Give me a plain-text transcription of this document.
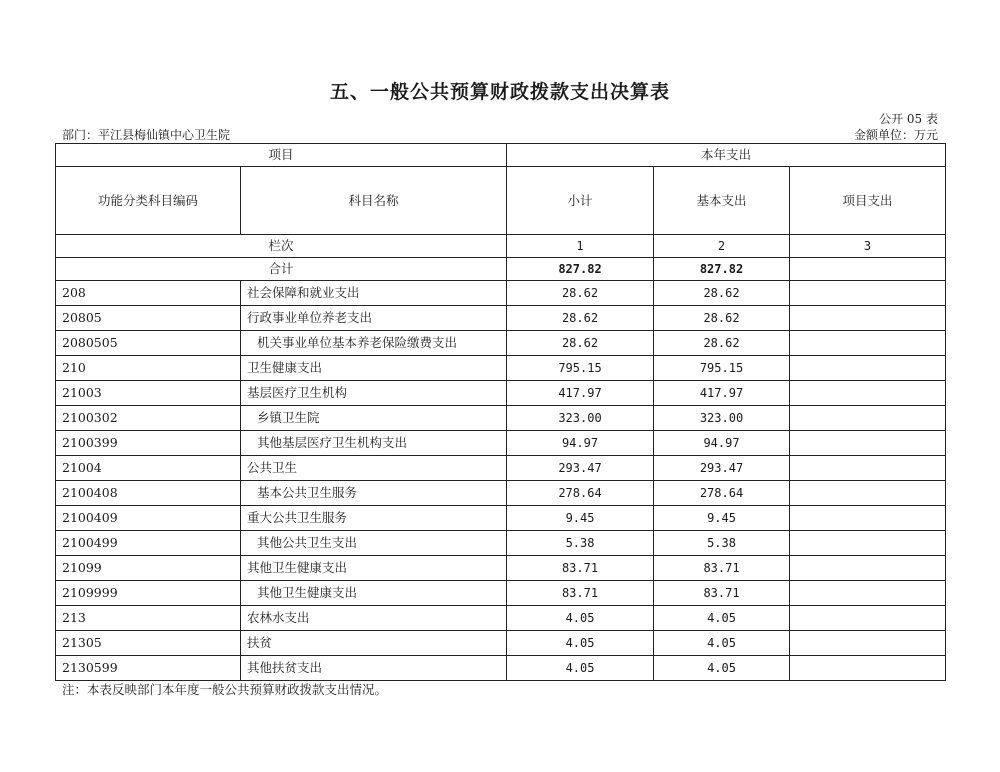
五、一般公共预算财政拨款支出决算表
公开 05 表
部门：平江县梅仙镇中心卫生院	金额单位：万元
项目		本年支出		
功能分类科目编码	科目名称	小计	基本支出	项目支出
栏次		1	2	3
合计		827.82	827.82	
208	社会保障和就业支出	28.62	28.62	
20805	行政事业单位养老支出	28.62	28.62	
2080505	机关事业单位基本养老保险缴费支出	28.62	28.62	
210	卫生健康支出	795.15	795.15	
21003	基层医疗卫生机构	417.97	417.97	
2100302	乡镇卫生院	323.00	323.00	
2100399	其他基层医疗卫生机构支出	94.97	94.97	
21004	公共卫生	293.47	293.47	
2100408	基本公共卫生服务	278.64	278.64	
2100409	重大公共卫生服务	9.45	9.45	
2100499	其他公共卫生支出	5.38	5.38	
21099	其他卫生健康支出	83.71	83.71	
2109999	其他卫生健康支出	83.71	83.71	
213	农林水支出	4.05	4.05	
21305	扶贫	4.05	4.05	
2130599	其他扶贫支出	4.05	4.05	
注：本表反映部门本年度一般公共预算财政拨款支出情况。
